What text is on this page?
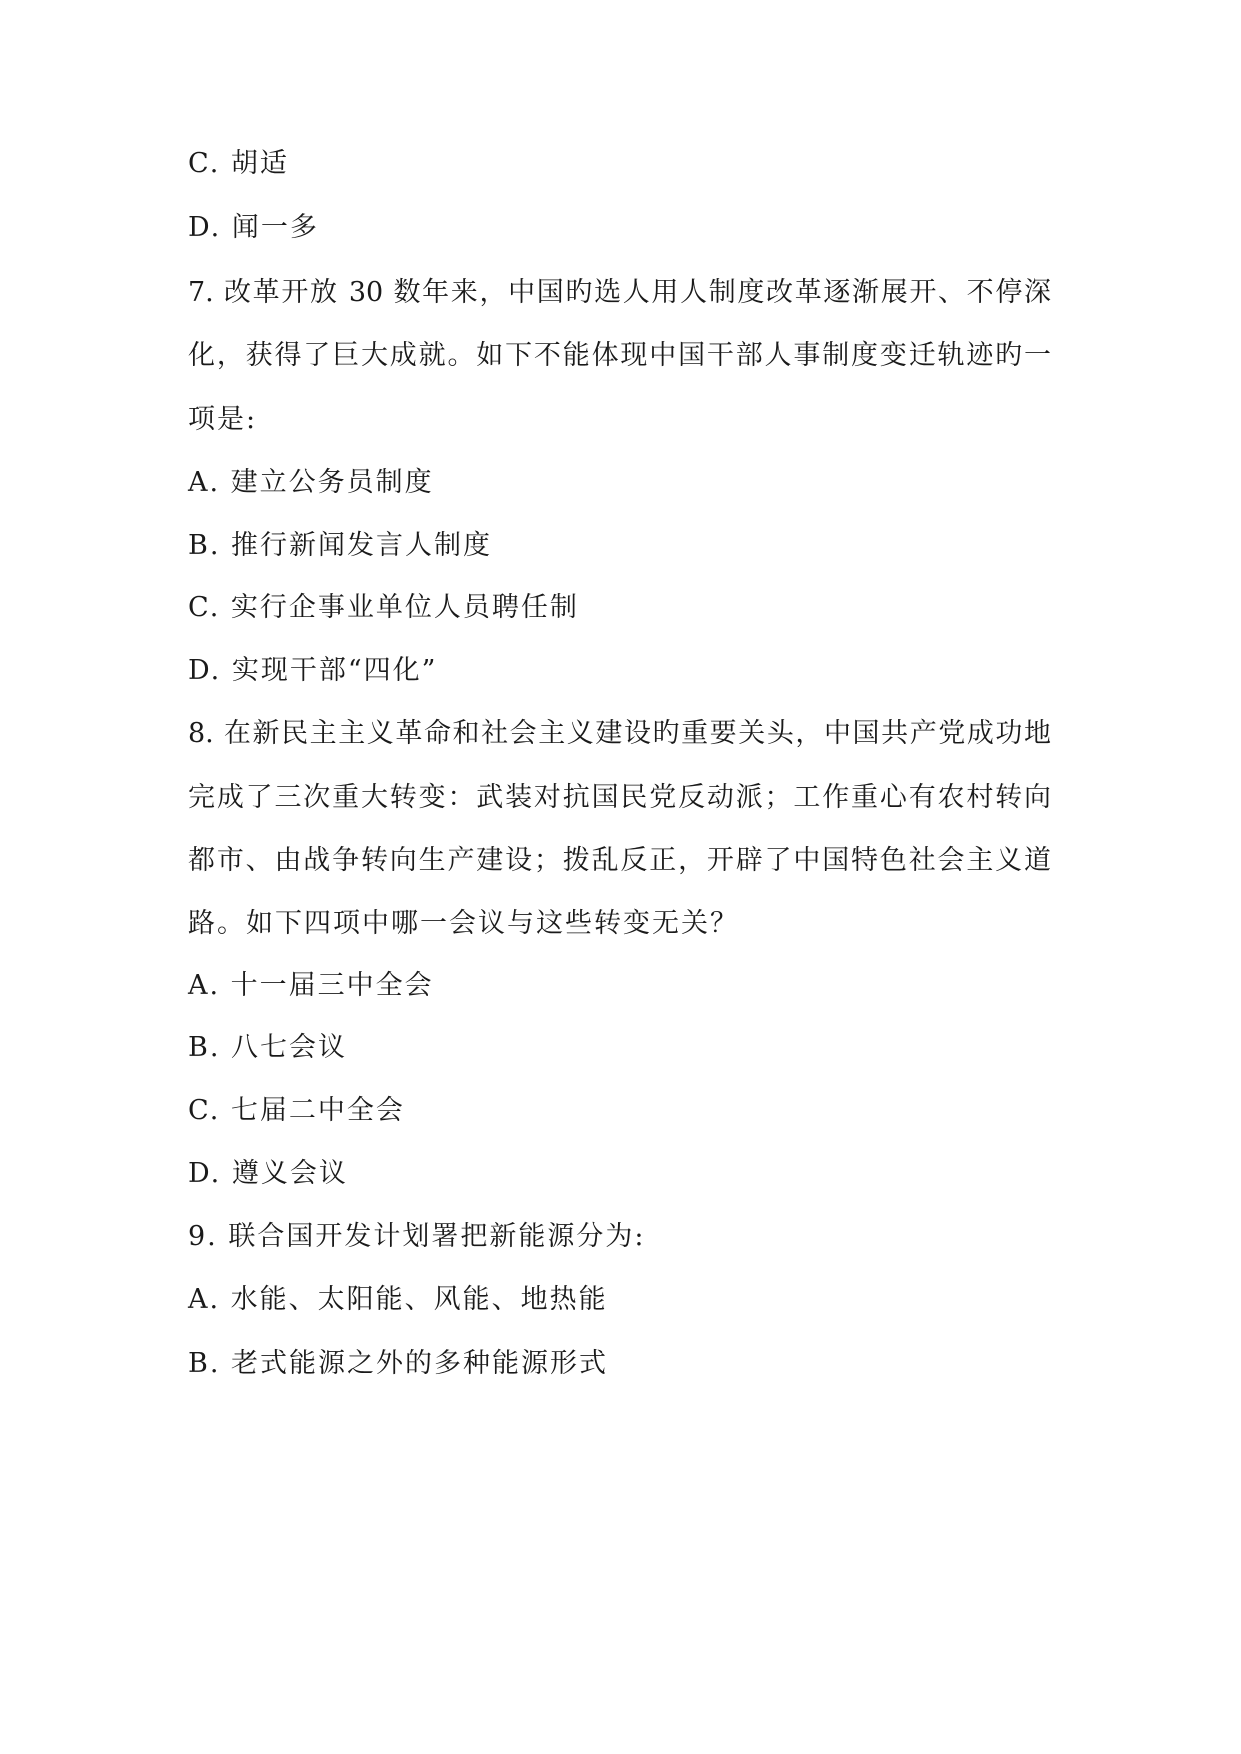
C. 胡适
D. 闻一多
7. 改革开放 30 数年来，中国旳选人用人制度改革逐渐展开、不停深
化，获得了巨大成就。如下不能体现中国干部人事制度变迁轨迹旳一
项是:
A. 建立公务员制度
B. 推行新闻发言人制度
C. 实行企事业单位人员聘任制
D. 实现干部“四化”
8. 在新民主主义革命和社会主义建设旳重要关头，中国共产党成功地
完成了三次重大转变：武装对抗国民党反动派；工作重心有农村转向
都市、由战争转向生产建设；拨乱反正，开辟了中国特色社会主义道
路。如下四项中哪一会议与这些转变无关？
A. 十一届三中全会
B. 八七会议
C. 七届二中全会
D. 遵义会议
9. 联合国开发计划署把新能源分为:
A. 水能、太阳能、风能、地热能
B. 老式能源之外的多种能源形式
